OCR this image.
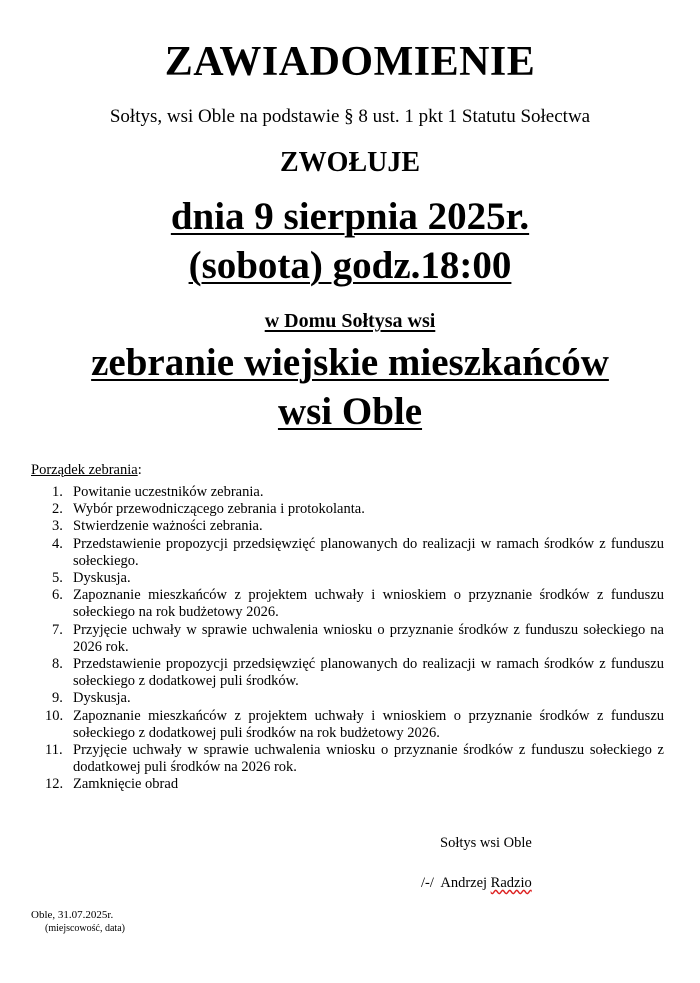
ZAWIADOMIENIE

Sołtys, wsi Oble na podstawie § 8 ust. 1 pkt 1 Statutu Sołectwa

ZWOŁUJE

dnia 9 sierpnia 2025r.

(sobota) godz.18:00

w Domu Sołtysa wsi

zebranie wiejskie mieszkańców

wsi Oble

Porządek zebrania:
1. Powitanie uczestników zebrania.
2. Wybór przewodniczącego zebrania i protokolanta.
3. Stwierdzenie ważności zebrania.
4. Przedstawienie propozycji przedsięwzięć planowanych do realizacji w ramach środków z funduszu sołeckiego.
5. Dyskusja.
6. Zapoznanie mieszkańców z projektem uchwały i wnioskiem o przyznanie środków z funduszu sołeckiego na rok budżetowy 2026.
7. Przyjęcie uchwały w sprawie uchwalenia wniosku o przyznanie środków z funduszu sołeckiego na 2026 rok.
8. Przedstawienie propozycji przedsięwzięć planowanych do realizacji w ramach środków z funduszu sołeckiego z dodatkowej puli środków.
9. Dyskusja.
10. Zapoznanie mieszkańców z projektem uchwały i wnioskiem o przyznanie środków z funduszu sołeckiego z dodatkowej puli środków na rok budżetowy 2026.
11. Przyjęcie uchwały w sprawie uchwalenia wniosku o przyznanie środków z funduszu sołeckiego z dodatkowej puli środków na 2026 rok.
12. Zamknięcie obrad
Sołtys wsi Oble
/-/ Andrzej Radzio
Oble, 31.07.2025r.
(miejscowość, data)
